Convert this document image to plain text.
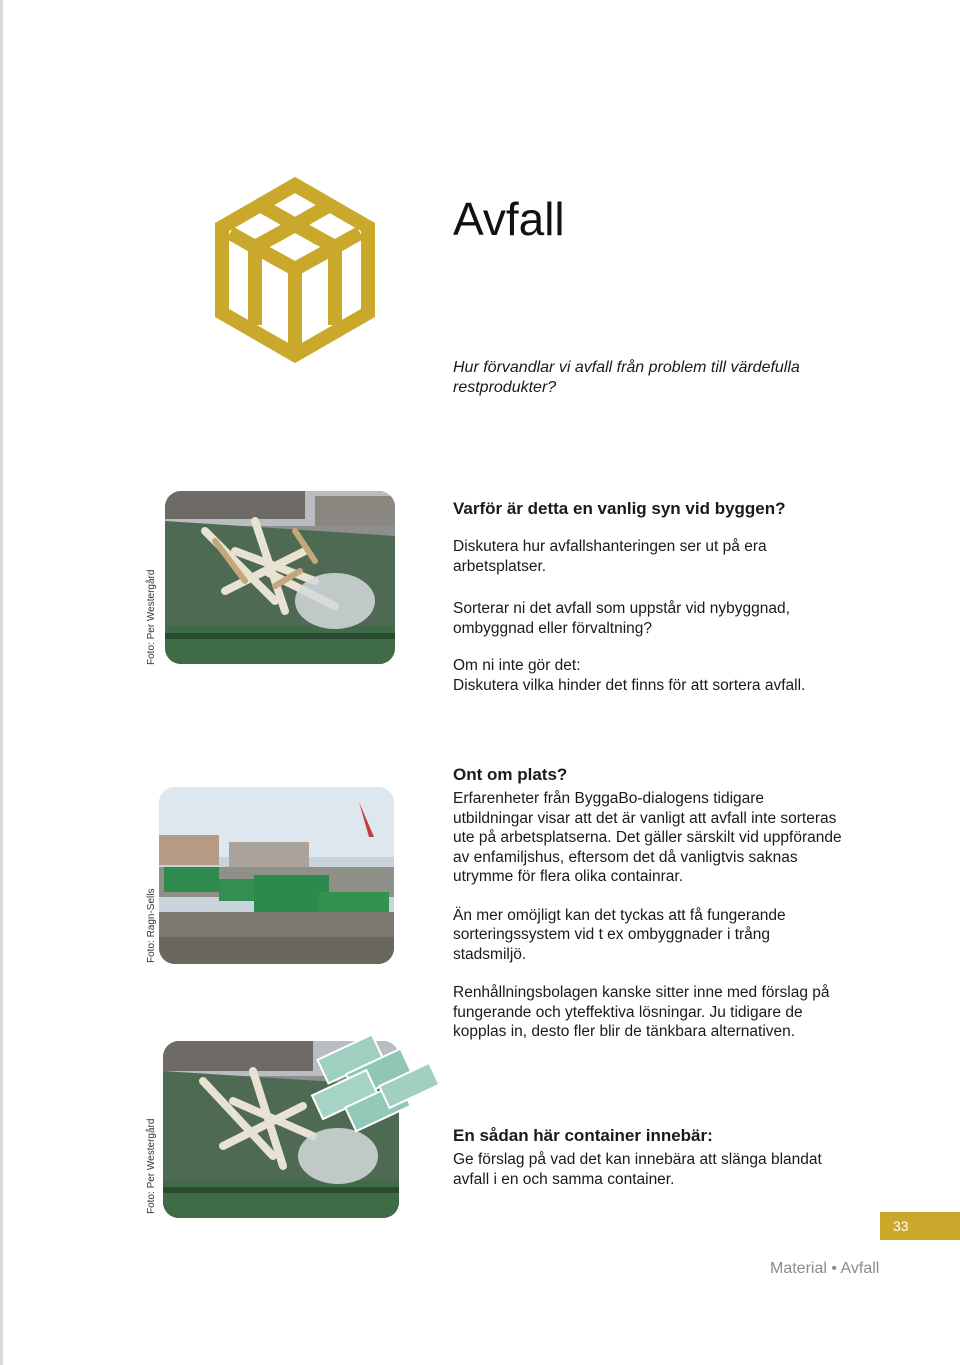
Avfall

Hur förvandlar vi avfall från problem till värdefulla restprodukter?

Foto: Per Westergård
Foto: Ragn-Sells
Foto: Per Westergård
Varför är detta en vanlig syn vid byggen?

Diskutera hur avfallshanteringen ser ut på era arbetsplatser.

Sorterar ni det avfall som uppstår vid nybyggnad, ombyggnad eller förvaltning?

Om ni inte gör det:

Diskutera vilka hinder det finns för att sortera avfall.

Ont om plats?

Erfarenheter från ByggaBo-dialogens tidigare utbildningar visar att det är vanligt att avfall inte sorteras ute på arbetsplatserna. Det gäller särskilt vid uppförande av enfamiljshus, eftersom det då vanligtvis saknas utrymme för flera olika containrar.

Än mer omöjligt kan det tyckas att få fungerande sorteringssystem vid t ex ombyggnader i trång stadsmiljö.

Renhållningsbolagen kanske sitter inne med förslag på fungerande och yteffektiva lösningar. Ju tidigare de kopplas in, desto fler blir de tänkbara alternativen.

En sådan här container innebär:

Ge förslag på vad det kan innebära att slänga blandat avfall i en och samma container.

33
Material • Avfall
